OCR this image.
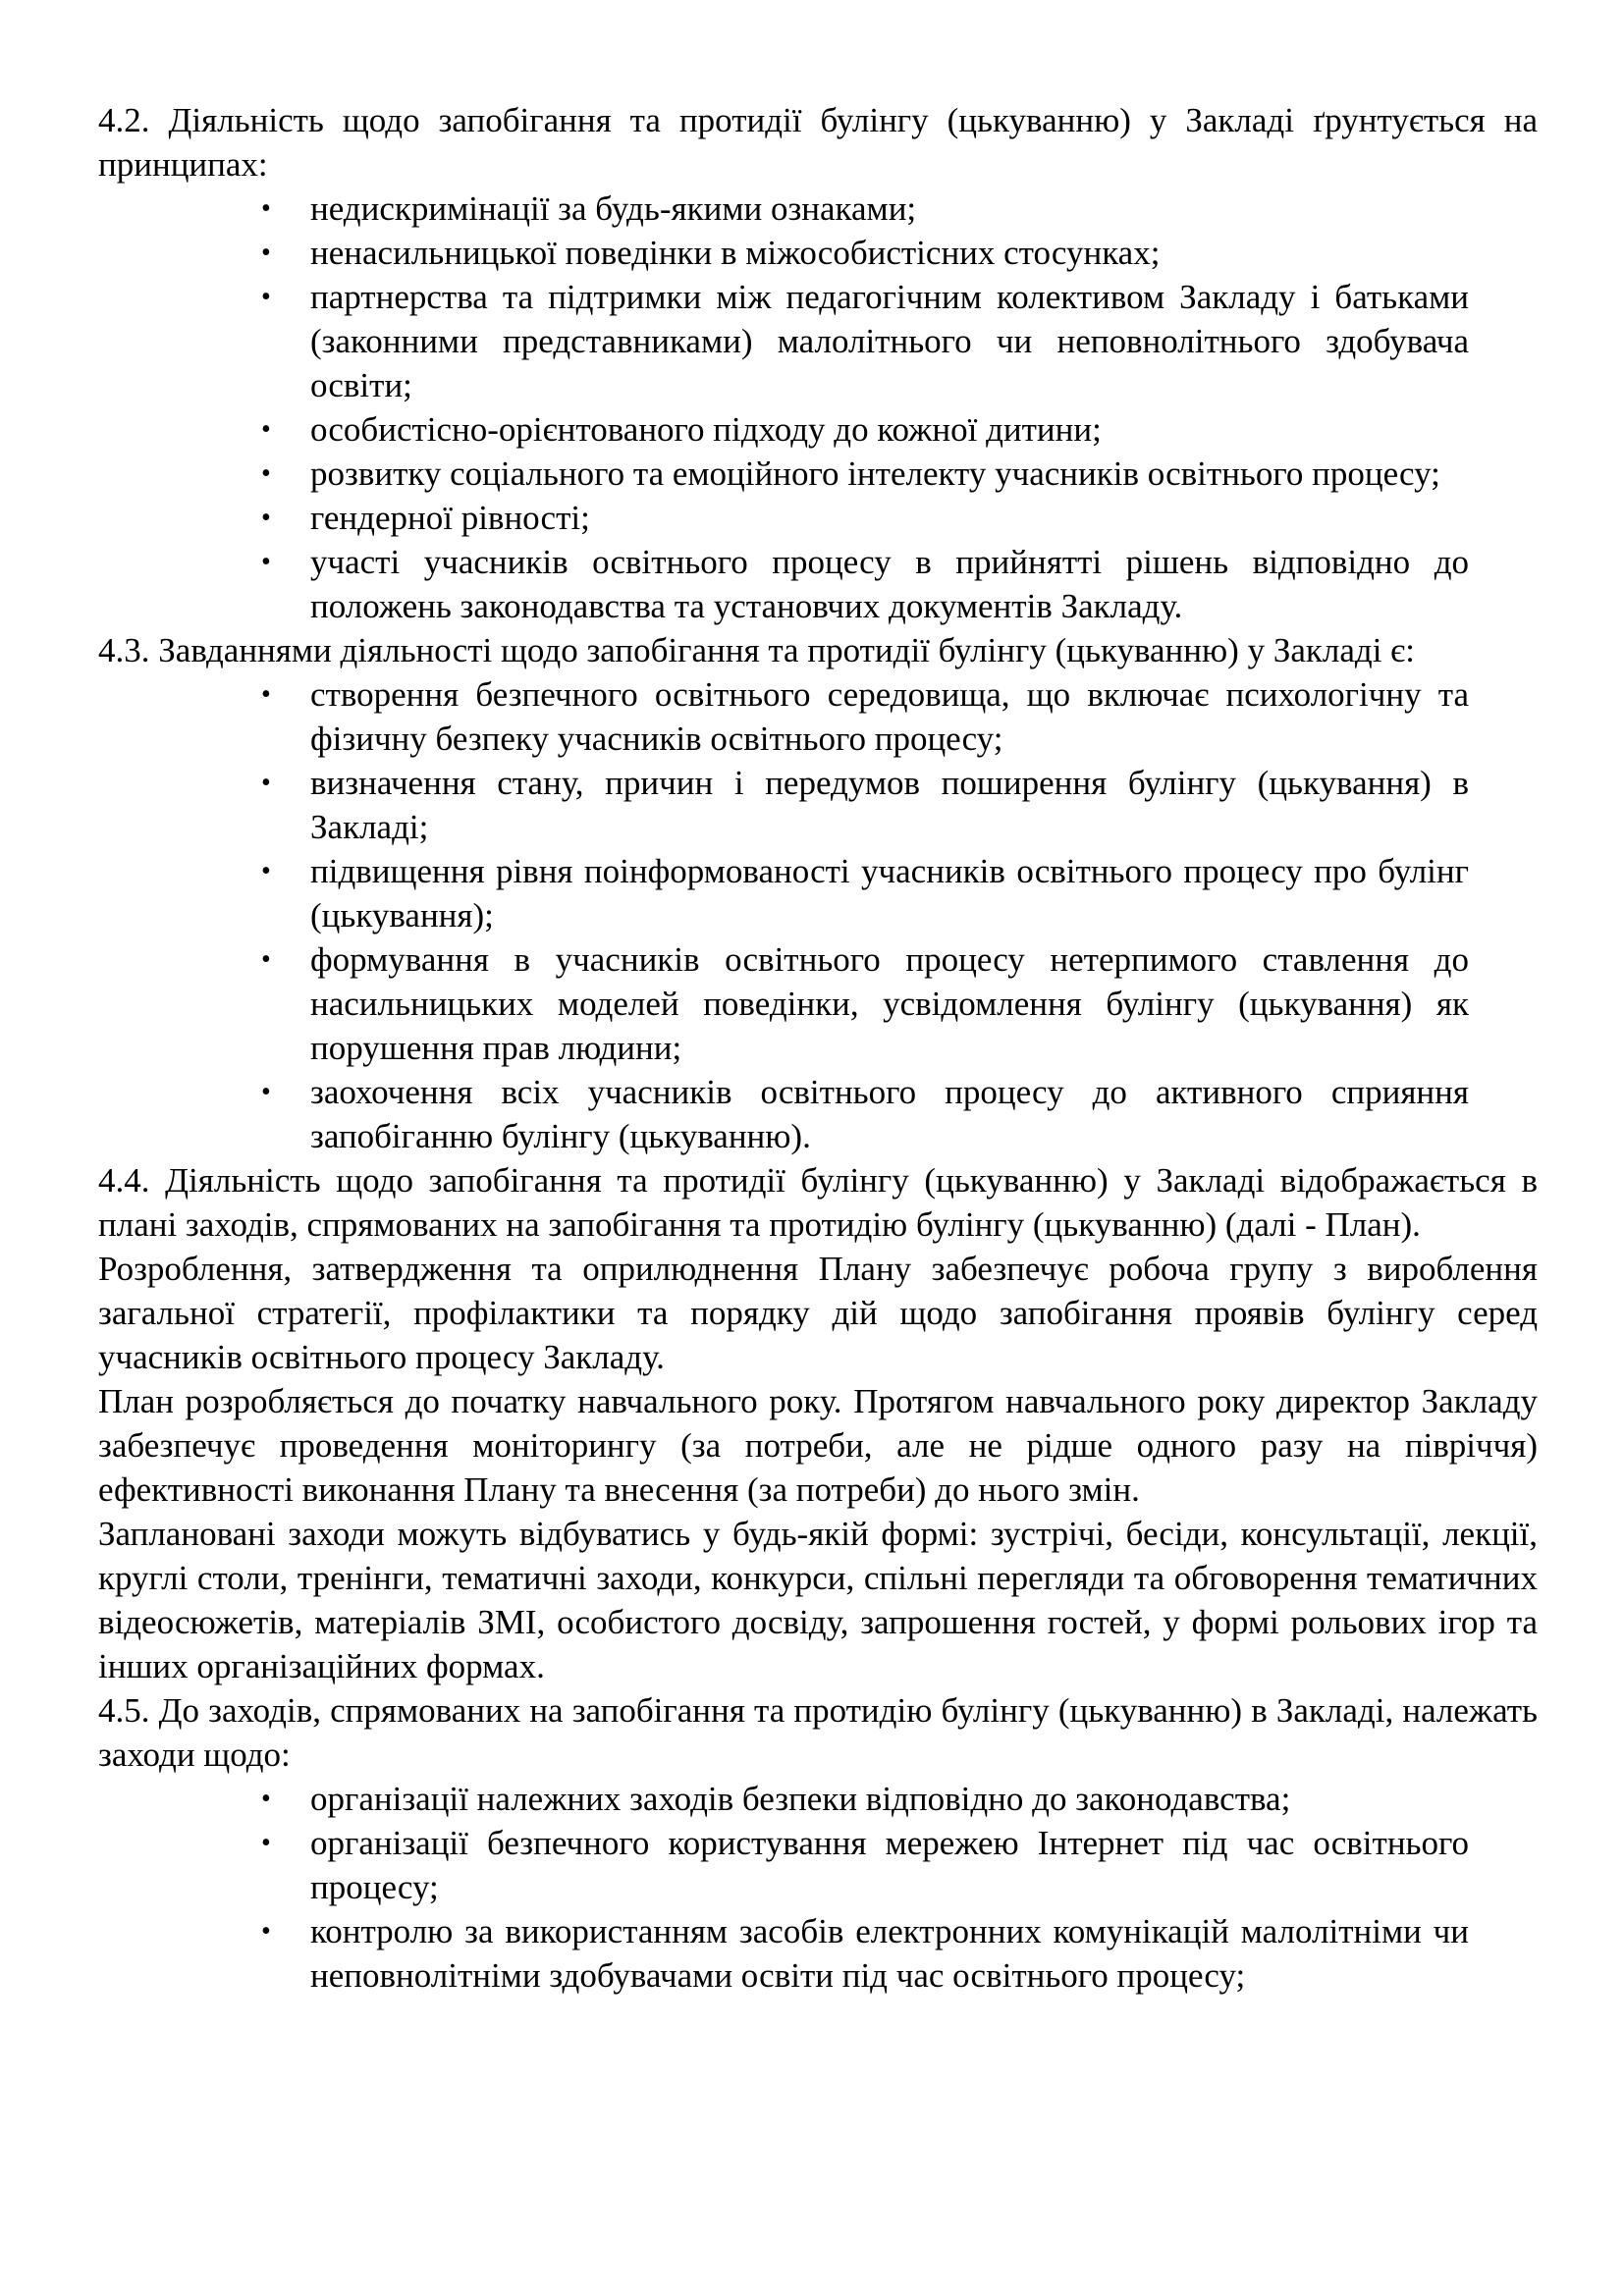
4.2. Діяльність щодо запобігання та протидії булінгу (цькуванню) у Закладі ґрунтується на принципах:

• недискримінації за будь-якими ознаками;
• ненасильницької поведінки в міжособистісних стосунках;
• партнерства та підтримки між педагогічним колективом Закладу і батьками (законними представниками) малолітнього чи неповнолітнього здобувача освіти;
• особистісно-орієнтованого підходу до кожної дитини;
• розвитку соціального та емоційного інтелекту учасників освітнього процесу;
• гендерної рівності;
• участі учасників освітнього процесу в прийнятті рішень відповідно до положень законодавства та установчих документів Закладу.

4.3. Завданнями діяльності щодо запобігання та протидії булінгу (цькуванню) у Закладі є:

• створення безпечного освітнього середовища, що включає психологічну та фізичну безпеку учасників освітнього процесу;
• визначення стану, причин і передумов поширення булінгу (цькування) в Закладі;
• підвищення рівня поінформованості учасників освітнього процесу про булінг (цькування);
• формування в учасників освітнього процесу нетерпимого ставлення до насильницьких моделей поведінки, усвідомлення булінгу (цькування) як порушення прав людини;
• заохочення всіх учасників освітнього процесу до активного сприяння запобіганню булінгу (цькуванню).

4.4. Діяльність щодо запобігання та протидії булінгу (цькуванню) у Закладі відображається в плані заходів, спрямованих на запобігання та протидію булінгу (цькуванню) (далі - План).

Розроблення, затвердження та оприлюднення Плану забезпечує робоча групу з вироблення загальної стратегії, профілактики та порядку дій щодо запобігання проявів булінгу серед учасників освітнього процесу Закладу.

План розробляється до початку навчального року. Протягом навчального року директор Закладу забезпечує проведення моніторингу (за потреби, але не рідше одного разу на півріччя) ефективності виконання Плану та внесення (за потреби) до нього змін.

Заплановані заходи можуть відбуватись у будь-якій формі: зустрічі, бесіди, консультації, лекції, круглі столи, тренінги, тематичні заходи, конкурси, спільні перегляди та обговорення тематичних відеосюжетів, матеріалів ЗМІ, особистого досвіду, запрошення гостей, у формі рольових ігор та інших організаційних формах.

4.5. До заходів, спрямованих на запобігання та протидію булінгу (цькуванню) в Закладі, належать заходи щодо:

• організації належних заходів безпеки відповідно до законодавства;
• організації безпечного користування мережею Інтернет під час освітнього процесу;
• контролю за використанням засобів електронних комунікацій малолітніми чи неповнолітніми здобувачами освіти під час освітнього процесу;
